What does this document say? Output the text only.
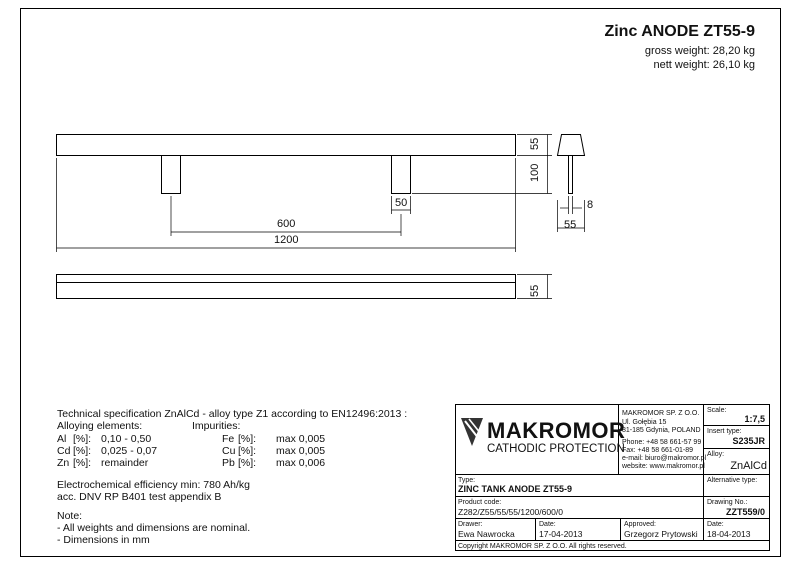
Zinc ANODE ZT55-9
gross weight: 28,20 kg
nett weight: 26,10 kg
55
100
50
600
1200
8
55
55
Technical specification ZnAlCd - alloy type Z1 according to EN12496:2013 :
Alloying elements:	Impurities:
Al [%]: 0,10 - 0,50
Cd [%]: 0,025 - 0,07
Zn [%]: remainder
Fe [%]: max 0,005
Cu [%]: max 0,005
Pb [%]: max 0,006
Electrochemical efficiency min: 780 Ah/kg
acc. DNV RP B401 test appendix B
Note:
- All weights and dimensions are nominal.
- Dimensions in mm
MAKROMOR
CATHODIC PROTECTION
MAKROMOR SP. Z O.O.
Ul. Gołębia 15
81-185 Gdynia, POLAND
Phone: +48 58 661-57 99
Fax: +48 58 661-01-89
e-mail: biuro@makromor.pl
website: www.makromor.pl
Scale:
1:7,5
Insert type:
S235JR
Alloy:
ZnAlCd
Alternative type:
Type:
ZINC TANK ANODE ZT55-9
Product code:
Z282/Z55/55/55/1200/600/0
Drawing No.:
ZZT559/0
Drawer:
Ewa Nawrocka
Date:
17-04-2013
Approved:
Grzegorz Prytowski
Date:
18-04-2013
Copyright MAKROMOR SP. Z O.O. All rights reserved.
